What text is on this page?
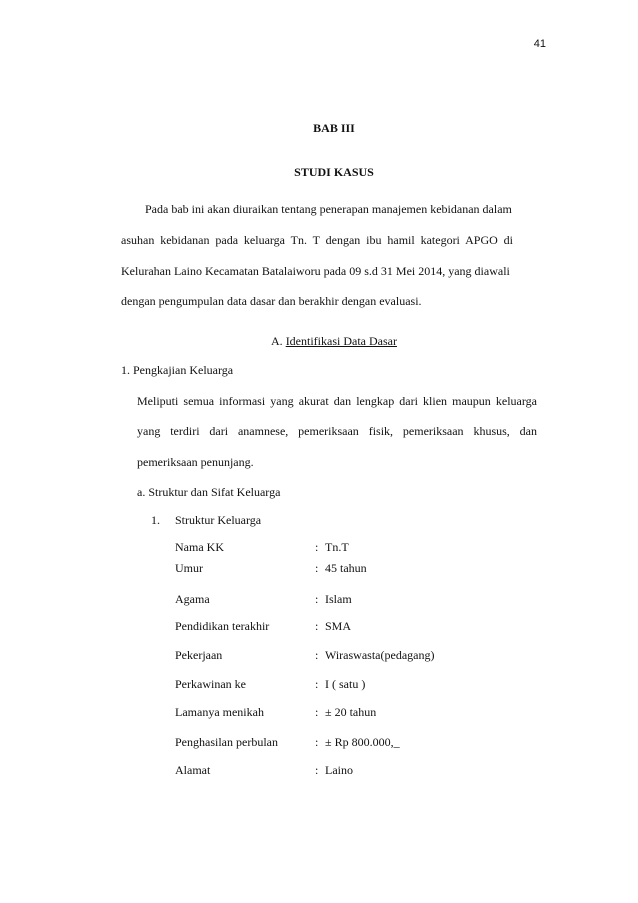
41
BAB III
STUDI KASUS
Pada bab ini akan diuraikan tentang penerapan manajemen kebidanan dalam
asuhan kebidanan pada keluarga Tn. T dengan ibu hamil kategori APGO di
Kelurahan Laino Kecamatan Batalaiworu pada 09 s.d 31 Mei 2014, yang diawali
dengan pengumpulan data dasar dan berakhir dengan evaluasi.
A. Identifikasi Data Dasar
1. Pengkajian Keluarga
Meliputi semua informasi yang akurat dan lengkap dari klien maupun keluarga
yang terdiri dari anamnese, pemeriksaan fisik, pemeriksaan khusus, dan
pemeriksaan penunjang.
a. Struktur dan Sifat Keluarga
1. Struktur Keluarga
Nama KK	: Tn.T
Umur	: 45 tahun
Agama	: Islam
Pendidikan terakhir	: SMA
Pekerjaan	: Wiraswasta(pedagang)
Perkawinan ke	: I ( satu )
Lamanya menikah	: ± 20 tahun
Penghasilan perbulan	: ± Rp 800.000,_
Alamat	: Laino
